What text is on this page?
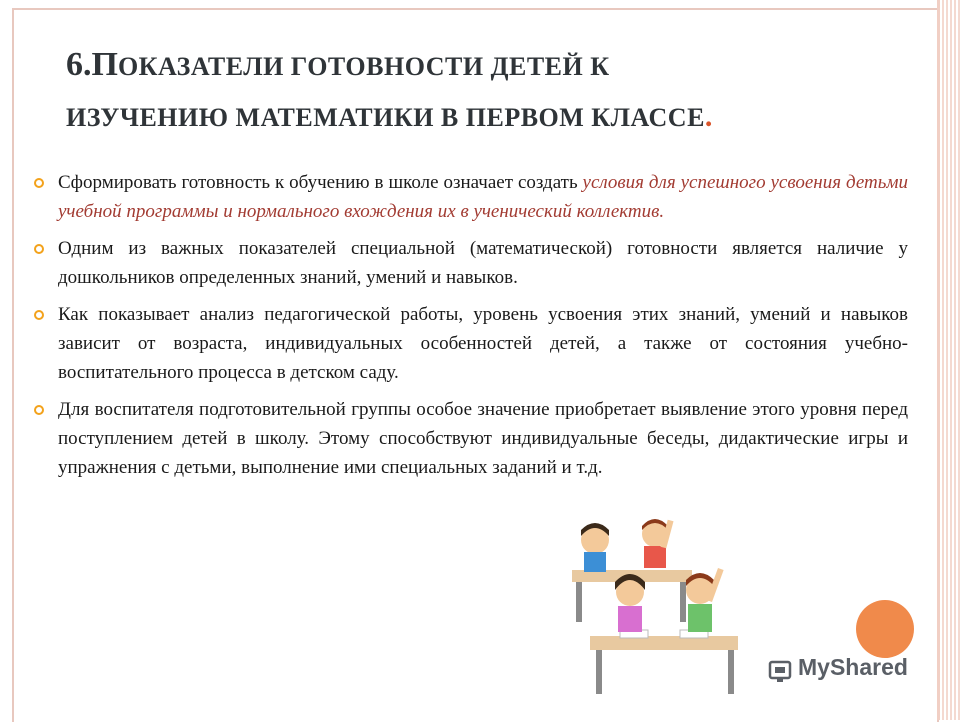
6.ПОКАЗАТЕЛИ ГОТОВНОСТИ ДЕТЕЙ К
ИЗУЧЕНИЮ МАТЕМАТИКИ В ПЕРВОМ КЛАССЕ.
Сформировать готовность к обучению в школе означает создать условия для успешного усвоения детьми учебной программы и нормального вхождения их в ученический коллектив.
Одним из важных показателей специальной (математической) готовности является наличие у дошкольников определенных знаний, умений и навыков.
Как показывает анализ педагогической работы, уровень усвоения этих знаний, умений и навыков зависит от возраста, индивидуальных особенностей детей, а также от состояния учебно-воспитательного процесса в детском саду.
Для воспитателя подготовительной группы особое значение приобретает выявление этого уровня перед поступлением детей в школу. Этому способствуют индивидуальные беседы, дидактические игры и упражнения с детьми, выполнение ими специальных заданий и т.д.
MyShared
